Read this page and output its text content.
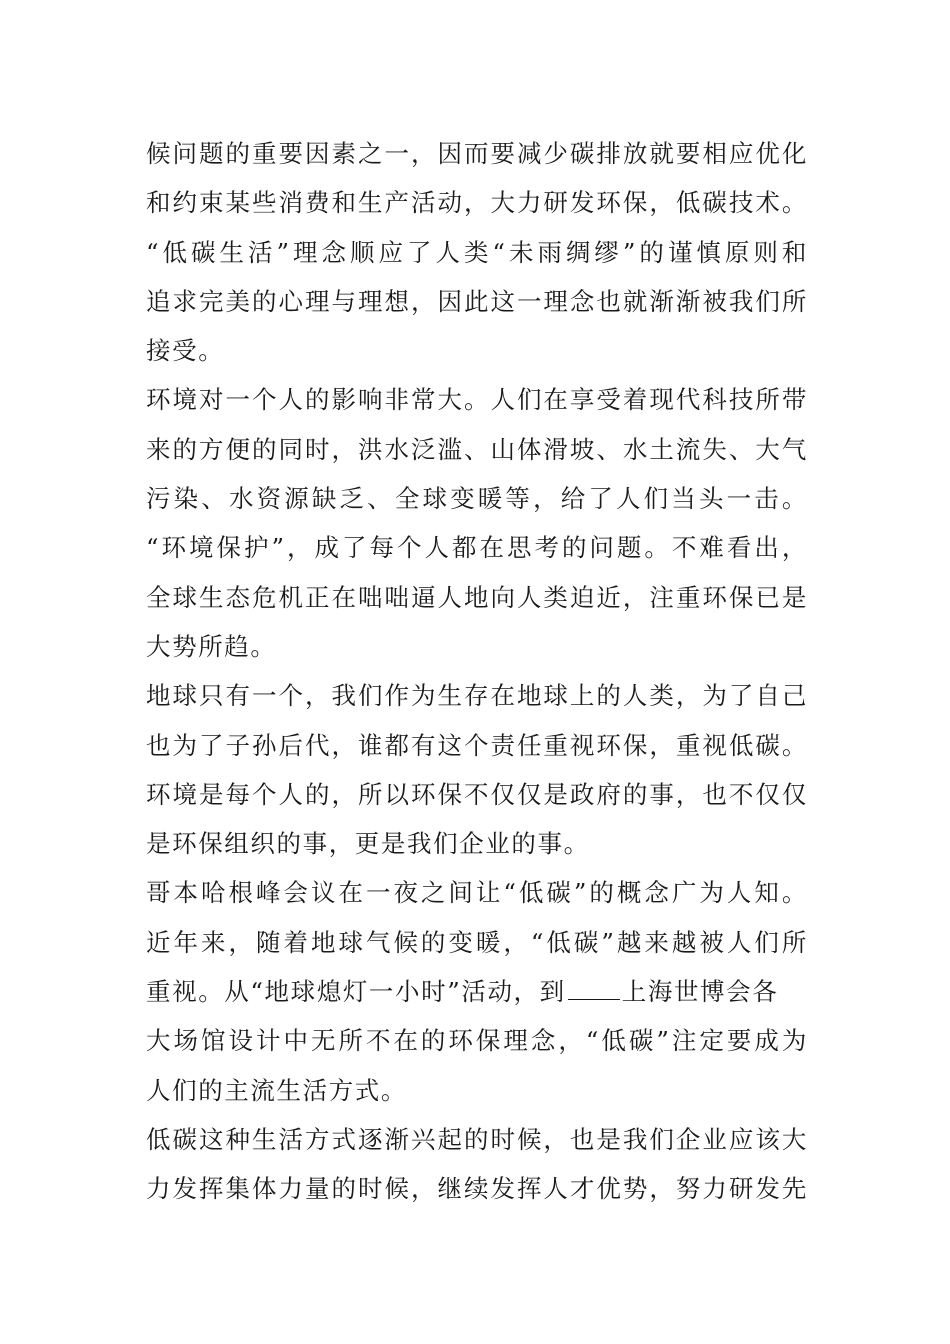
候问题的重要因素之一，因而要减少碳排放就要相应优化
和约束某些消费和生产活动，大力研发环保，低碳技术。
“低碳生活”理念顺应了人类“未雨绸缪”的谨慎原则和
追求完美的心理与理想，因此这一理念也就渐渐被我们所
接受。
环境对一个人的影响非常大。人们在享受着现代科技所带
来的方便的同时，洪水泛滥、山体滑坡、水土流失、大气
污染、水资源缺乏、全球变暖等，给了人们当头一击。
“环境保护”，成了每个人都在思考的问题。不难看出，
全球生态危机正在咄咄逼人地向人类迫近，注重环保已是
大势所趋。
地球只有一个，我们作为生存在地球上的人类，为了自己
也为了子孙后代，谁都有这个责任重视环保，重视低碳。
环境是每个人的，所以环保不仅仅是政府的事，也不仅仅
是环保组织的事，更是我们企业的事。
哥本哈根峰会议在一夜之间让“低碳”的概念广为人知。
近年来，随着地球气候的变暖，“低碳”越来越被人们所
重视。从“地球熄灯一小时”活动，到 上海世博会各
大场馆设计中无所不在的环保理念，“低碳”注定要成为
人们的主流生活方式。
低碳这种生活方式逐渐兴起的时候，也是我们企业应该大
力发挥集体力量的时候，继续发挥人才优势，努力研发先
